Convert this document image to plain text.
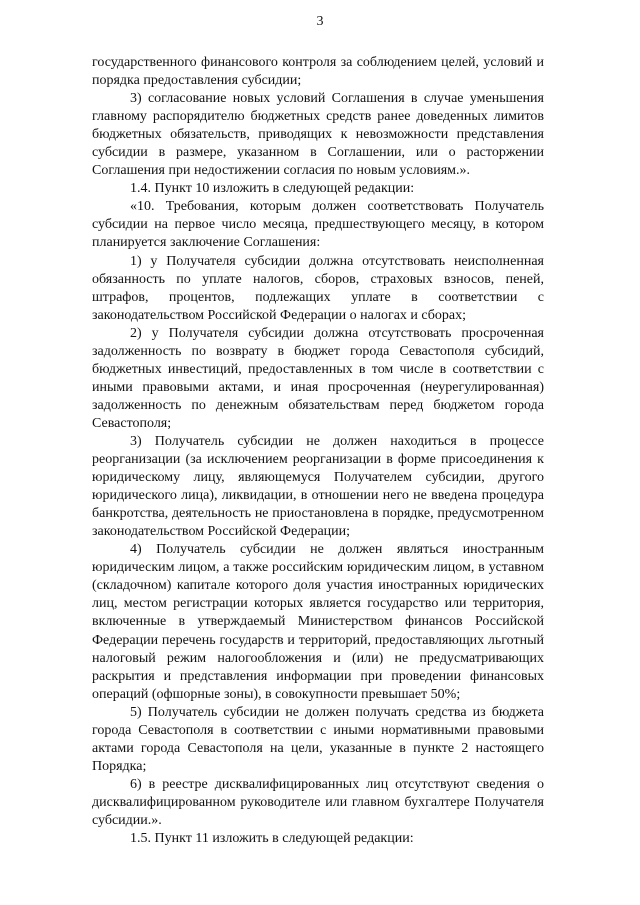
3

государственного финансового контроля за соблюдением целей, условий и порядка предоставления субсидии;

3) согласование новых условий Соглашения в случае уменьшения главному распорядителю бюджетных средств ранее доведенных лимитов бюджетных обязательств, приводящих к невозможности представления субсидии в размере, указанном в Соглашении, или о расторжении Соглашения при недостижении согласия по новым условиям.».

1.4. Пункт 10 изложить в следующей редакции:

«10. Требования, которым должен соответствовать Получатель субсидии на первое число месяца, предшествующего месяцу, в котором планируется заключение Соглашения:

1) у Получателя субсидии должна отсутствовать неисполненная обязанность по уплате налогов, сборов, страховых взносов, пеней, штрафов, процентов, подлежащих уплате в соответствии с законодательством Российской Федерации о налогах и сборах;

2) у Получателя субсидии должна отсутствовать просроченная задолженность по возврату в бюджет города Севастополя субсидий, бюджетных инвестиций, предоставленных в том числе в соответствии с иными правовыми актами, и иная просроченная (неурегулированная) задолженность по денежным обязательствам перед бюджетом города Севастополя;

3) Получатель субсидии не должен находиться в процессе реорганизации (за исключением реорганизации в форме присоединения к юридическому лицу, являющемуся Получателем субсидии, другого юридического лица), ликвидации, в отношении него не введена процедура банкротства, деятельность не приостановлена в порядке, предусмотренном законодательством Российской Федерации;

4) Получатель субсидии не должен являться иностранным юридическим лицом, а также российским юридическим лицом, в уставном (складочном) капитале которого доля участия иностранных юридических лиц, местом регистрации которых является государство или территория, включенные в утверждаемый Министерством финансов Российской Федерации перечень государств и территорий, предоставляющих льготный налоговый режим налогообложения и (или) не предусматривающих раскрытия и представления информации при проведении финансовых операций (офшорные зоны), в совокупности превышает 50%;

5) Получатель субсидии не должен получать средства из бюджета города Севастополя в соответствии с иными нормативными правовыми актами города Севастополя на цели, указанные в пункте 2 настоящего Порядка;

6) в реестре дисквалифицированных лиц отсутствуют сведения о дисквалифицированном руководителе или главном бухгалтере Получателя субсидии.».

1.5. Пункт 11 изложить в следующей редакции:
